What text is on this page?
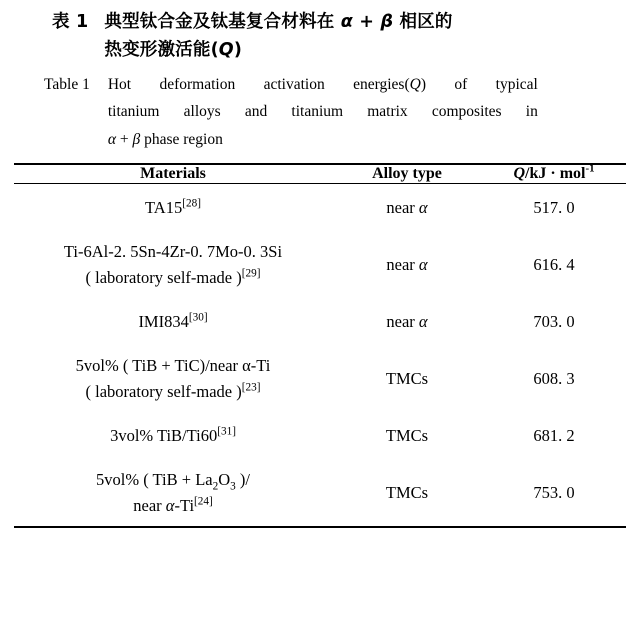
表 1 典型钛合金及钛基复合材料在 α + β 相区的
热变形激活能(Q)
Table 1	Hot deformation activation energies(Q) of typical
titanium alloys and titanium matrix composites in
α + β phase region

Materials	Alloy type	Q/kJ · mol$^{-1}$

TA15[28]	near α	517. 0

Ti-6Al-2. 5Sn-4Zr-0. 7Mo-0. 3Si
( laboratory self-made )[29]	near α	616. 4

IMI834[30]	near α	703. 0

5vol% ( TiB + TiC)/near α-Ti
( laboratory self-made )[23]	TMCs	608. 3

3vol% TiB/Ti60[31]	TMCs	681. 2

5vol% ( TiB + $La_2O_3$ )/
near α-Ti[24]	TMCs	753. 0
